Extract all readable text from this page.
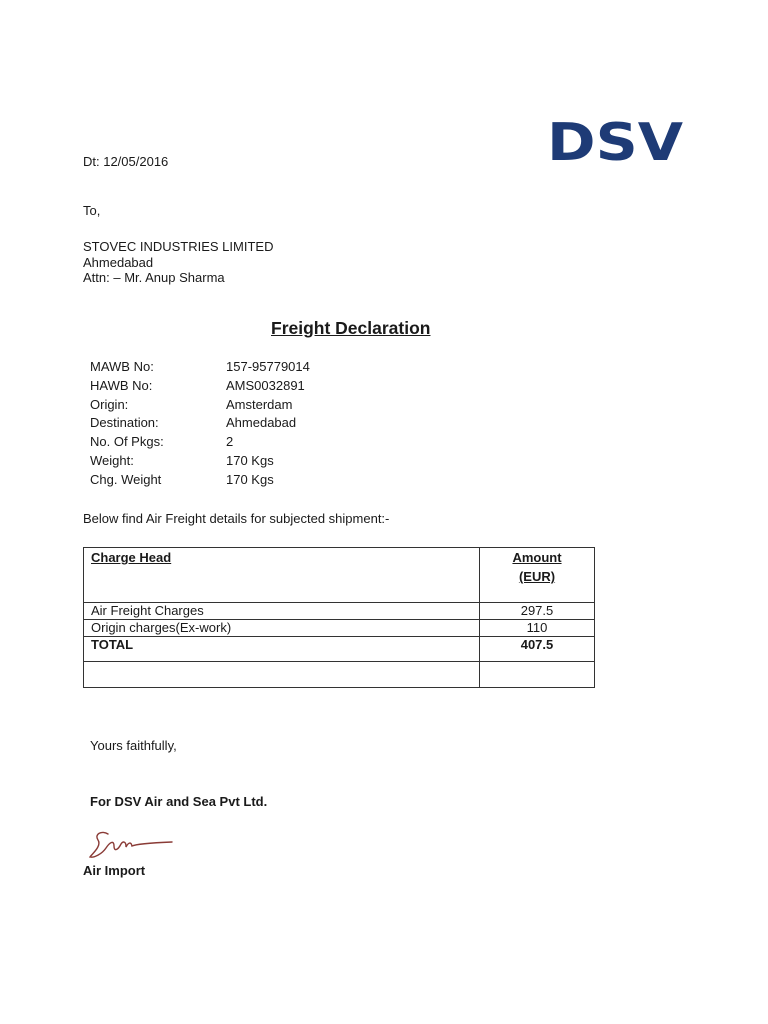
DSV
Dt: 12/05/2016
To,
STOVEC INDUSTRIES LIMITED
Ahmedabad
Attn: – Mr. Anup Sharma
Freight Declaration
MAWB No:	157-95779014
HAWB No:	AMS0032891
Origin:	Amsterdam
Destination:	Ahmedabad
No. Of Pkgs:	2
Weight:	170 Kgs
Chg. Weight	170 Kgs
Below find Air Freight details for subjected shipment:-
Charge Head	Amount
(EUR)

Air Freight Charges	297.5
Origin charges(Ex-work)	110
TOTAL	407.5

Yours faithfully,
For DSV Air and Sea Pvt Ltd.
Air Import
